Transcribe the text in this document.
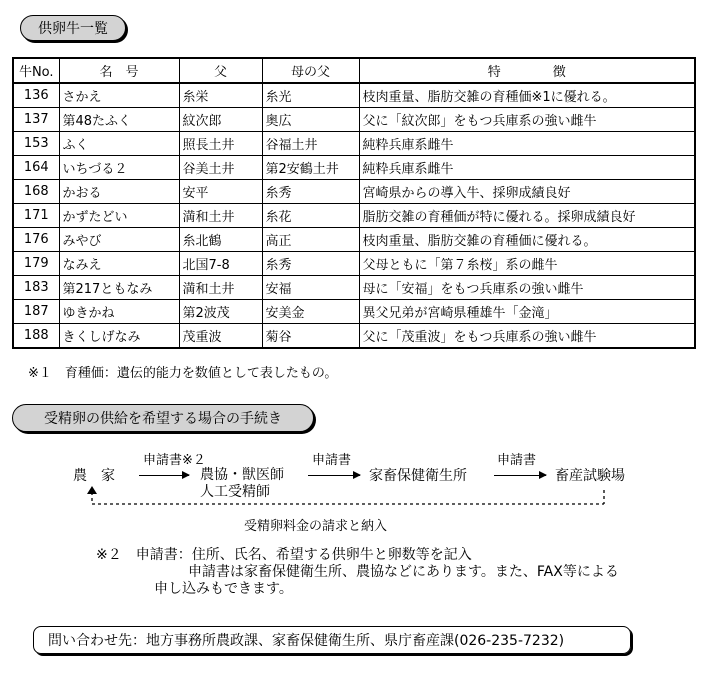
供卵牛一覧
牛No.	名　号	父	母の父	特　　　　徴
136	さかえ	糸栄	糸光	枝肉重量、脂肪交雑の育種価※1に優れる。
137	第48たふく	紋次郎	奥広	父に「紋次郎」をもつ兵庫系の強い雌牛
153	ふく	照長土井	谷福土井	純粋兵庫系雌牛
164	いちづる２	谷美土井	第2安鶴土井	純粋兵庫系雌牛
168	かおる	安平	糸秀	宮崎県からの導入牛、採卵成績良好
171	かずたどい	満和土井	糸花	脂肪交雑の育種価が特に優れる。採卵成績良好
176	みやび	糸北鶴	高正	枝肉重量、脂肪交雑の育種価に優れる。
179	なみえ	北国7-8	糸秀	父母ともに「第７糸桜」系の雌牛
183	第217ともなみ	満和土井	安福	母に「安福」をもつ兵庫系の強い雌牛
187	ゆきかね	第2波茂	安美金	異父兄弟が宮崎県種雄牛「金滝」
188	きくしげなみ	茂重波	菊谷	父に「茂重波」をもつ兵庫系の強い雌牛
※１　育種価：遺伝的能力を数値として表したもの。
受精卵の供給を希望する場合の手続き
農　家
申請書※２
農協・獣医師
人工受精師
申請書
家畜保健衛生所
申請書
畜産試験場
受精卵料金の請求と納入
※２　申請書：住所、氏名、希望する供卵牛と卵数等を記入
申請書は家畜保健衛生所、農協などにあります。また、FAX等による
申し込みもできます。
問い合わせ先：地方事務所農政課、家畜保健衛生所、県庁畜産課(026-235-7232)
